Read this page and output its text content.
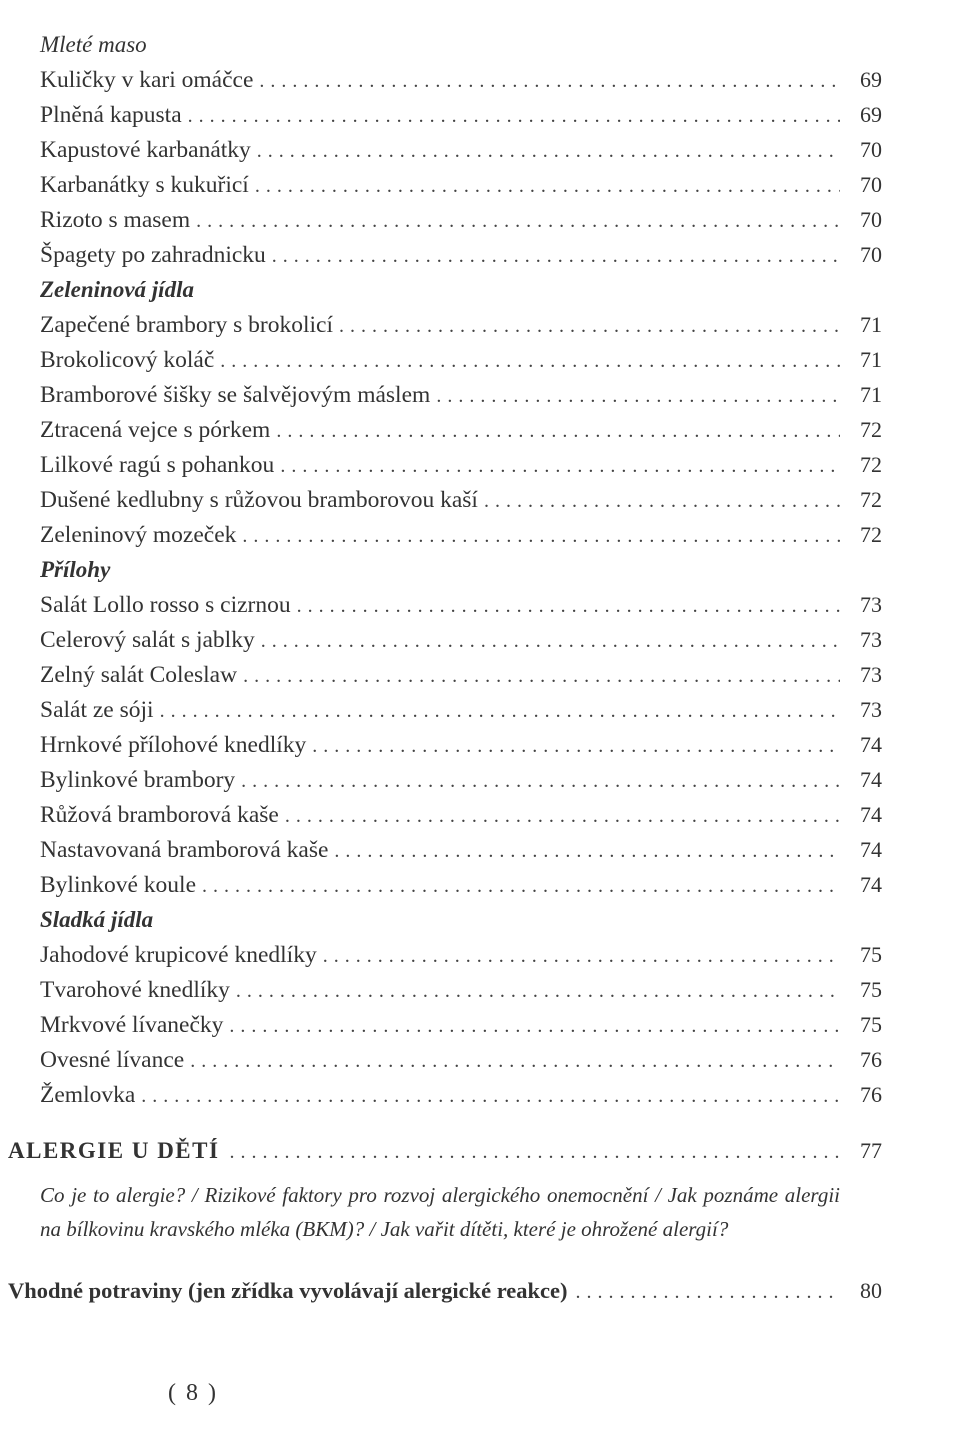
Mleté maso
Kuličky v kari omáčce . . .	69
Plněná kapusta . . .	69
Kapustové karbanátky . . .	70
Karbanátky s kukuřicí . . .	70
Rizoto s masem . . .	70
Špagety po zahradnicku . . .	70
Zeleninová jídla
Zapečené brambory s brokolicí . . .	71
Brokolicový koláč . . .	71
Bramborové šišky se šalvějovým máslem . . .	71
Ztracená vejce s pórkem . . .	72
Lilkové ragú s pohankou . . .	72
Dušené kedlubny s růžovou bramborovou kaší . . .	72
Zeleninový mozeček . . .	72
Přílohy
Salát Lollo rosso s cizrnou . . .	73
Celerový salát s jablky . . .	73
Zelný salát Coleslaw . . .	73
Salát ze sóji . . .	73
Hrnkové přílohové knedlíky . . .	74
Bylinkové brambory . . .	74
Růžová bramborová kaše . . .	74
Nastavovaná bramborová kaše . . .	74
Bylinkové koule . . .	74
Sladká jídla
Jahodové krupicové knedlíky . . .	75
Tvarohové knedlíky . . .	75
Mrkvové lívanečky . . .	75
Ovesné lívance . . .	76
Žemlovka . . .	76
ALERGIE U DĚTÍ . . .	77
Co je to alergie? / Rizikové faktory pro rozvoj alergického onemocnění / Jak poznáme alergii na bílkovinu kravského mléka (BKM)? / Jak vařit dítěti, které je ohrožené alergií?
Vhodné potraviny (jen zřídka vyvolávají alergické reakce) . . .	80
( 8 )
